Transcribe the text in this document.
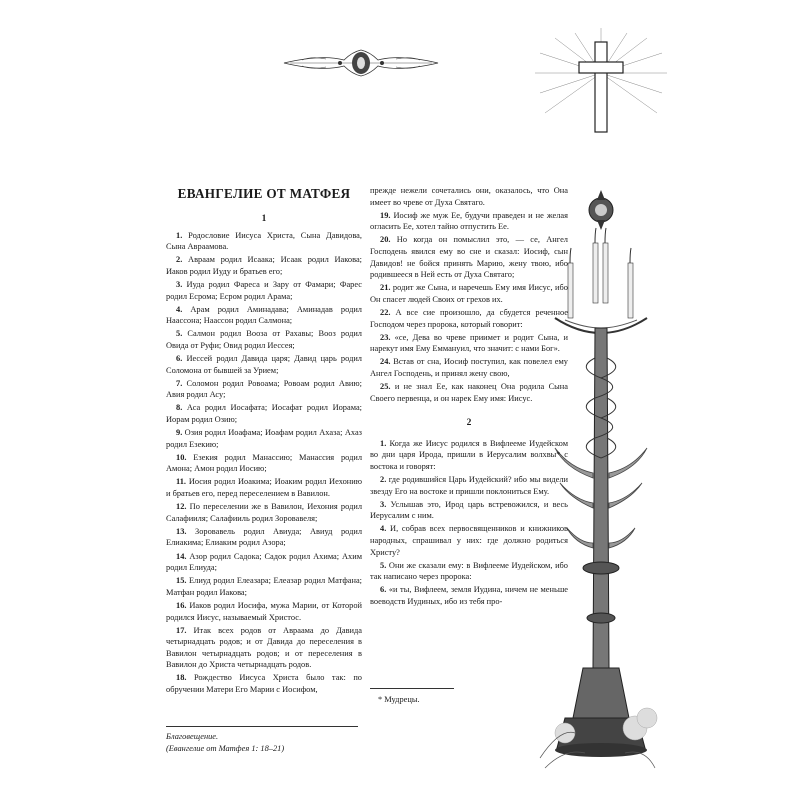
ЕВАНГЕЛИЕ ОТ МАТФЕЯ
1

1. Родословие Иисуса Христа, Сына Давидова, Сына Авраамова.

2. Авраам родил Исаака; Исаак родил Иакова; Иаков родил Иуду и братьев его;

3. Иуда родил Фареса и Зару от Фамари; Фарес родил Есрома; Есром родил Арама;

4. Арам родил Аминадава; Аминадав родил Наассона; Наассон родил Салмона;

5. Салмон родил Вооза от Рахавы; Вооз родил Овида от Руфи; Овид родил Иессея;

6. Иессей родил Давида царя; Давид царь родил Соломона от бывшей за Урием;

7. Соломон родил Ровоама; Ровоам родил Авию; Авия родил Асу;

8. Аса родил Иосафата; Иосафат родил Иорама; Иорам родил Озию;

9. Озия родил Иоафама; Иоафам родил Ахаза; Ахаз родил Езекию;

10. Езекия родил Манассию; Манассия родил Амона; Амон родил Иосию;

11. Иосия родил Иоакима; Иоаким родил Иехонию и братьев его, перед переселением в Вавилон.

12. По переселении же в Вавилон, Иехония родил Салафииля; Салафииль родил Зоровавеля;

13. Зоровавель родил Авиуда; Авиуд родил Елиакима; Елиаким родил Азора;

14. Азор родил Садока; Садок родил Ахима; Ахим родил Елиуда;

15. Елиуд родил Елеазара; Елеазар родил Матфана; Матфан родил Иакова;

16. Иаков родил Иосифа, мужа Марии, от Которой родился Иисус, называемый Христос.

17. Итак всех родов от Авраама до Давида четырнадцать родов; и от Давида до переселения в Вавилон четырнадцать родов; и от переселения в Вавилон до Христа четырнадцать родов.

18. Рождество Иисуса Христа было так: по обручении Матери Его Марии с Иосифом,

прежде нежели сочетались они, оказалось, что Она имеет во чреве от Духа Святаго.

19. Иосиф же муж Ее, будучи праведен и не желая огласить Ее, хотел тайно отпустить Ее.

20. Но когда он помыслил это, — се, Ангел Господень явился ему во сне и сказал: Иосиф, сын Давидов! не бойся принять Марию, жену твою, ибо родившееся в Ней есть от Духа Святаго;

21. родит же Сына, и наречешь Ему имя Иисус, ибо Он спасет людей Своих от грехов их.

22. А все сие произошло, да сбудется реченное Господом через пророка, который говорит:

23. «се, Дева во чреве приимет и родит Сына, и нарекут имя Ему Еммануил, что значит: с нами Бог».

24. Встав от сна, Иосиф поступил, как повелел ему Ангел Господень, и принял жену свою,

25. и не знал Ее, как наконец Она родила Сына Своего первенца, и он нарек Ему имя: Иисус.

2

1. Когда же Иисус родился в Вифлееме Иудейском во дни царя Ирода, пришли в Иерусалим волхвы* с востока и говорят:

2. где родившийся Царь Иудейский? ибо мы видели звезду Его на востоке и пришли поклониться Ему.

3. Услышав это, Ирод царь встревожился, и весь Иерусалим с ним.

4. И, собрав всех первосвященников и книжников народных, спрашивал у них: где должно родиться Христу?

5. Они же сказали ему: в Вифлееме Иудейском, ибо так написано через пророка:

6. «и ты, Вифлеем, земля Иудина, ничем не меньше воеводств Иудиных, ибо из тебя про-

Благовещение.
(Евангелие от Матфея 1: 18–21)
* Мудрецы.
